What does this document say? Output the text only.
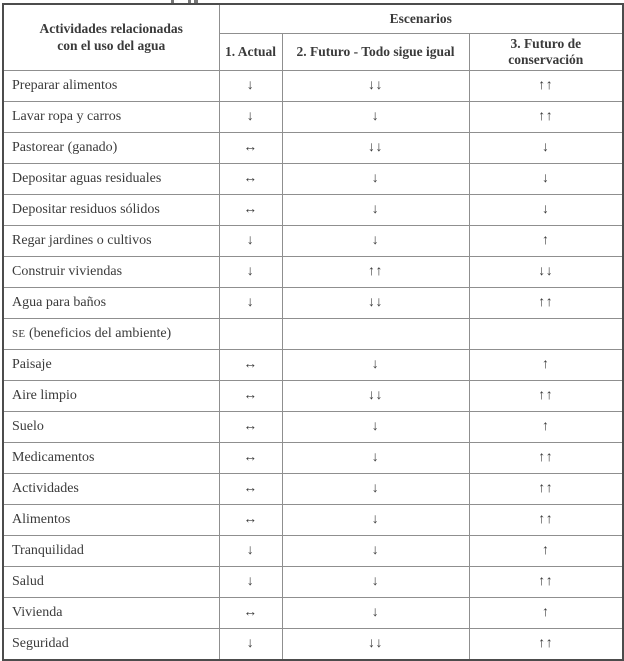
Actividades relacionadas
con el uso del agua	Escenarios		
	1. Actual	2. Futuro - Todo sigue igual	3. Futuro de conservación
Preparar alimentos	↓	↓↓	↑↑
Lavar ropa y carros	↓	↓	↑↑
Pastorear (ganado)	↔	↓↓	↓
Depositar aguas residuales	↔	↓	↓
Depositar residuos sólidos	↔	↓	↓
Regar jardines o cultivos	↓	↓	↑
Construir viviendas	↓	↑↑	↓↓
Agua para baños	↓	↓↓	↑↑
SE (beneficios del ambiente)			
Paisaje	↔	↓	↑
Aire limpio	↔	↓↓	↑↑
Suelo	↔	↓	↑
Medicamentos	↔	↓	↑↑
Actividades	↔	↓	↑↑
Alimentos	↔	↓	↑↑
Tranquilidad	↓	↓	↑
Salud	↓	↓	↑↑
Vivienda	↔	↓	↑
Seguridad	↓	↓↓	↑↑
